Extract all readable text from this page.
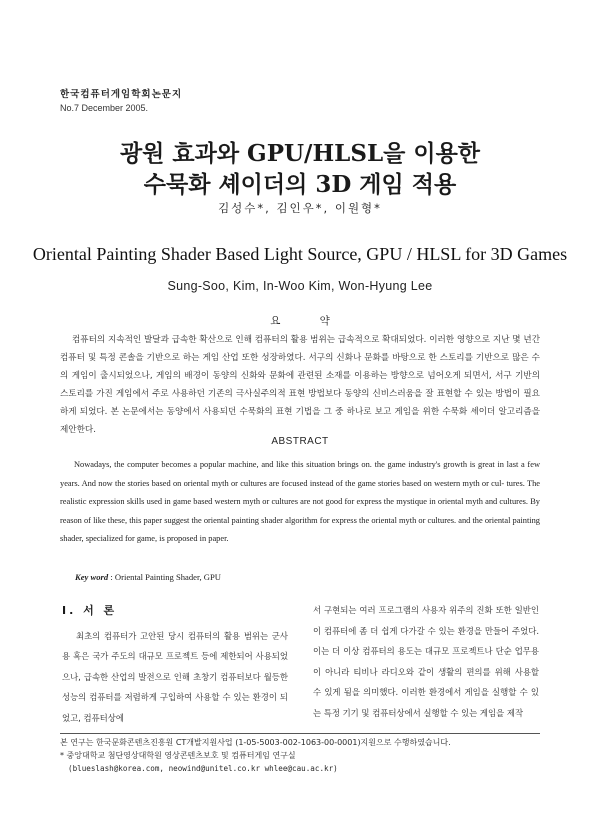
한국컴퓨터게임학회논문지
No.7 December 2005.
광원 효과와 GPU/HLSL을 이용한
수묵화 셰이더의 3D 게임 적용
김성수*, 김인우*, 이원형*
Oriental Painting Shader Based Light Source, GPU / HLSL for 3D Games
Sung-Soo, Kim, In-Woo Kim, Won-Hyung Lee
요 약

컴퓨터의 지속적인 발달과 급속한 확산으로 인해 컴퓨터의 활용 범위는 급속적으로 확대되었다. 이러한 영향으로 지난 몇 년간 컴퓨터 및 특정 콘솔을 기반으로 하는 게임 산업 또한 성장하였다. 서구의 신화나 문화를 바탕으로 한 스토리를 기반으로 많은 수의 게임이 출시되었으나, 게임의 배경이 동양의 신화와 문화에 관련된 소재를 이용하는 방향으로 넘어오게 되면서, 서구 기반의 스토리를 가진 게임에서 주로 사용하던 기존의 극사실주의적 표현 방법보다 동양의 신비스러움을 잘 표현할 수 있는 방법이 필요하게 되었다. 본 논문에서는 동양에서 사용되던 수묵화의 표현 기법을 그 중 하나로 보고 게임을 위한 수묵화 셰이더 알고리즘을 제안한다.

ABSTRACT

Nowadays, the computer becomes a popular machine, and like this situation brings on. the game industry's growth is great in last a few years. And now the stories based on oriental myth or cultures are focused instead of the game stories based on western myth or cul- tures. The realistic expression skills used in game based western myth or cultures are not good for express the mystique in oriental myth and cultures. By reason of like these, this paper suggest the oriental painting shader algorithm for express the oriental myth or cultures. and the oriental painting shader, specialized for game, is proposed in paper.

Key word : Oriental Painting Shader, GPU
Ⅰ. 서 론

최초의 컴퓨터가 고안된 당시 컴퓨터의 활용 범위는 군사용 혹은 국가 주도의 대규모 프로젝트 등에 제한되어 사용되었으나, 급속한 산업의 발전으로 인해 초창기 컴퓨터보다 월등한 성능의 컴퓨터를 저렴하게 구입하여 사용할 수 있는 환경이 되었고, 컴퓨터상에

서 구현되는 여러 프로그램의 사용자 위주의 진화 또한 일반인이 컴퓨터에 좀 더 쉽게 다가갈 수 있는 환경을 만들어 주었다. 이는 더 이상 컴퓨터의 용도는 대규모 프로젝트나 단순 업무용이 아니라 티비나 라디오와 같이 생활의 편의를 위해 사용할 수 있게 됨을 의미했다. 이러한 환경에서 게임을 실행할 수 있는 특정 기기 및 컴퓨터상에서 실행할 수 있는 게임을 제작

본 연구는 한국문화콘텐츠진흥원 CT개발지원사업 (1-05-5003-002-1063-00-0001)지원으로 수행하였습니다.
* 중앙대학교 첨단영상대학원 영상콘텐츠보호 및 컴퓨터게임 연구실
(blueslash@korea.com, neowind@unitel.co.kr whlee@cau.ac.kr)
